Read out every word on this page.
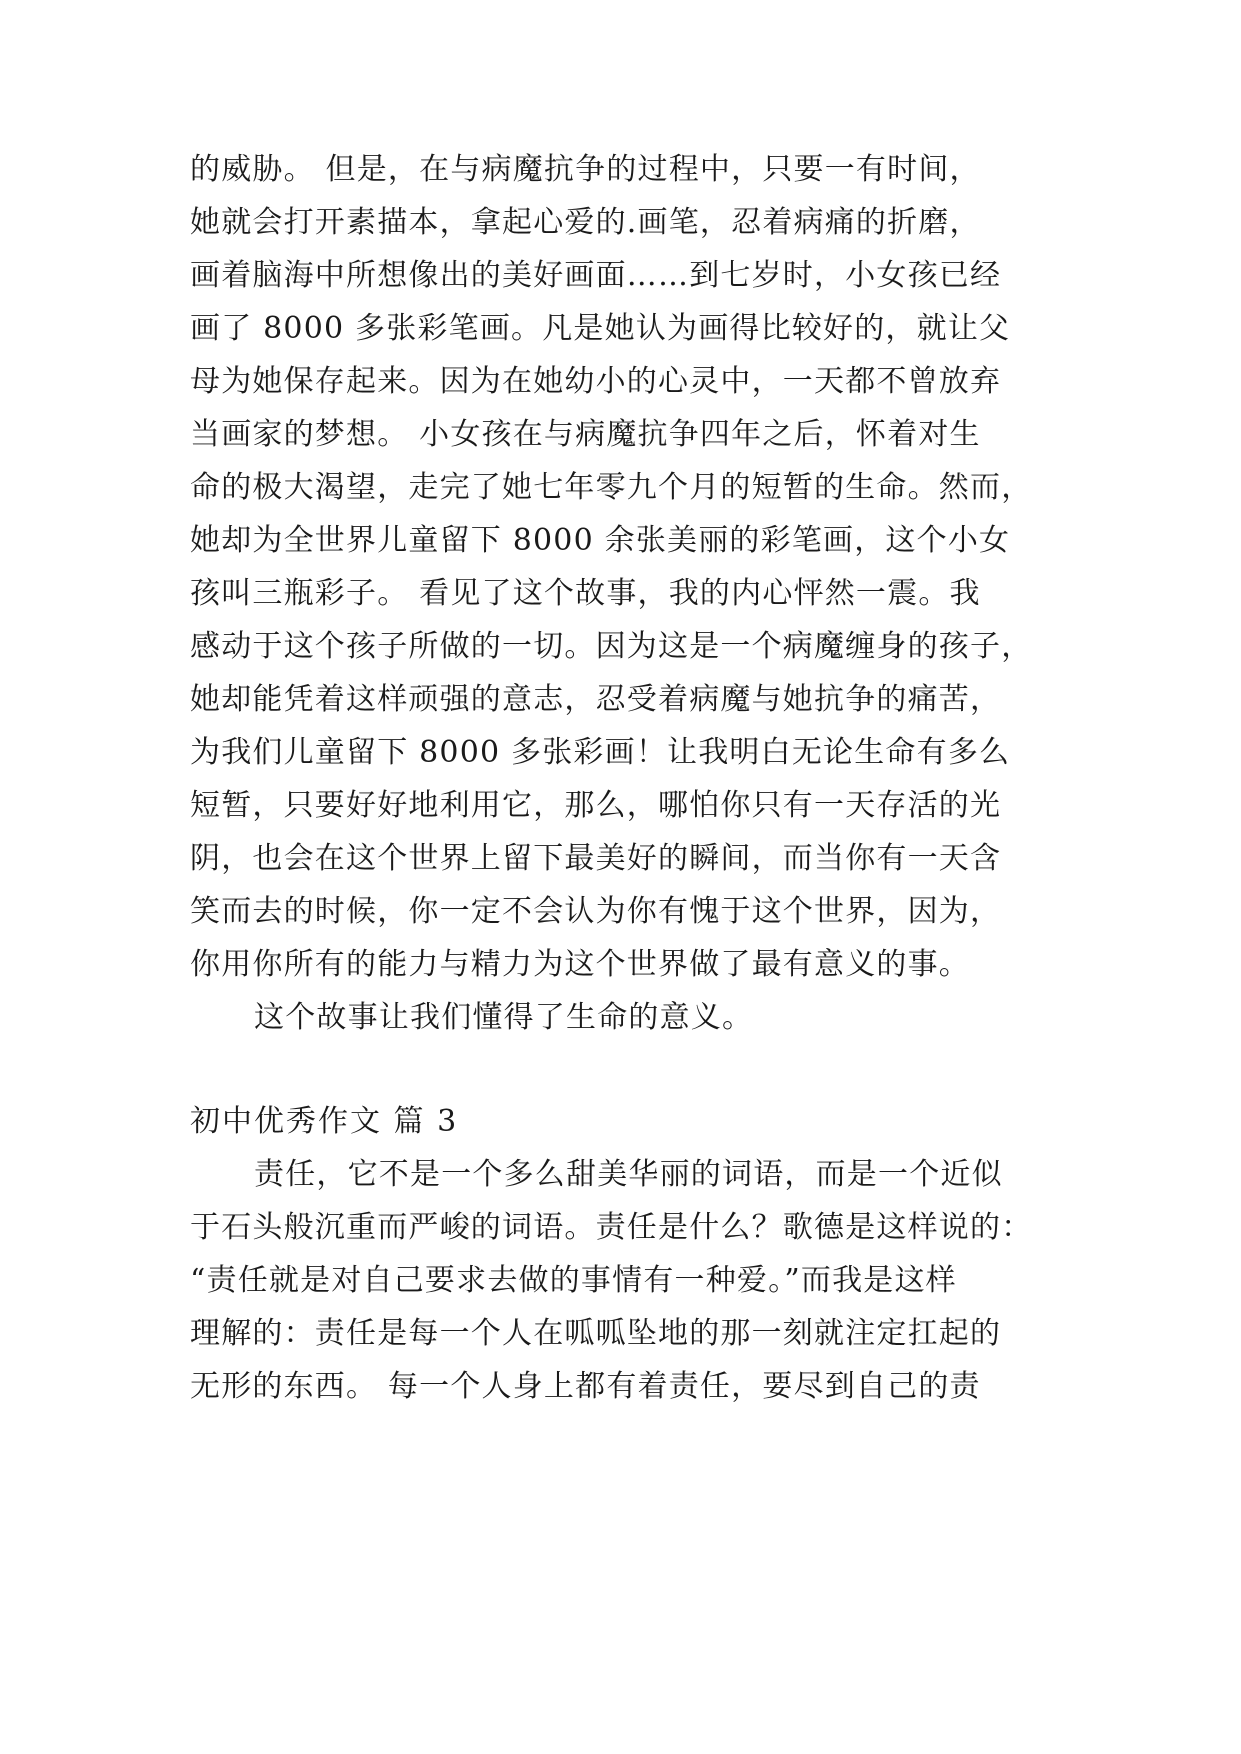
的威胁。 但是，在与病魔抗争的过程中，只要一有时间，
她就会打开素描本，拿起心爱的.画笔，忍着病痛的折磨，
画着脑海中所想像出的美好画面……到七岁时，小女孩已经
画了 8000 多张彩笔画。凡是她认为画得比较好的，就让父
母为她保存起来。因为在她幼小的心灵中，一天都不曾放弃
当画家的梦想。 小女孩在与病魔抗争四年之后，怀着对生
命的极大渴望，走完了她七年零九个月的短暂的生命。然而，
她却为全世界儿童留下 8000 余张美丽的彩笔画，这个小女
孩叫三瓶彩子。 看见了这个故事，我的内心怦然一震。我
感动于这个孩子所做的一切。因为这是一个病魔缠身的孩子，
她却能凭着这样顽强的意志，忍受着病魔与她抗争的痛苦，
为我们儿童留下 8000 多张彩画！让我明白无论生命有多么
短暂，只要好好地利用它，那么，哪怕你只有一天存活的光
阴，也会在这个世界上留下最美好的瞬间，而当你有一天含
笑而去的时候，你一定不会认为你有愧于这个世界，因为，
你用你所有的能力与精力为这个世界做了最有意义的事。
这个故事让我们懂得了生命的意义。
初中优秀作文 篇 3
责任，它不是一个多么甜美华丽的词语，而是一个近似
于石头般沉重而严峻的词语。责任是什么？歌德是这样说的：
“责任就是对自己要求去做的事情有一种爱。”而我是这样
理解的：责任是每一个人在呱呱坠地的那一刻就注定扛起的
无形的东西。 每一个人身上都有着责任，要尽到自己的责
